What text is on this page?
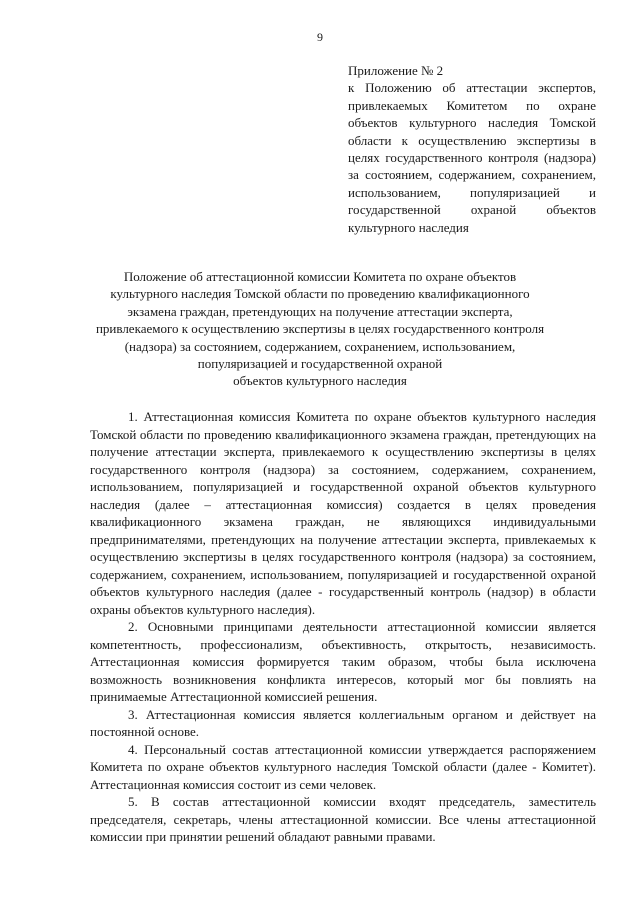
9

Приложение № 2

к Положению об аттестации экспертов, привлекаемых Комитетом по охране объектов культурного наследия Томской области к осуществлению экспертизы в целях государственного контроля (надзора) за состоянием, содержанием, сохранением, использованием, популяризацией и государственной охраной объектов культурного наследия

Положение об аттестационной комиссии Комитета по охране объектов
культурного наследия Томской области по проведению квалификационного
экзамена граждан, претендующих на получение аттестации эксперта,
привлекаемого к осуществлению экспертизы в целях государственного контроля
(надзора) за состоянием, содержанием, сохранением, использованием,
популяризацией и государственной охраной
объектов культурного наследия

1. Аттестационная комиссия Комитета по охране объектов культурного наследия Томской области по проведению квалификационного экзамена граждан, претендующих на получение аттестации эксперта, привлекаемого к осуществлению экспертизы в целях государственного контроля (надзора) за состоянием, содержанием, сохранением, использованием, популяризацией и государственной охраной объектов культурного наследия (далее – аттестационная комиссия) создается в целях проведения квалификационного экзамена граждан, не являющихся индивидуальными предпринимателями, претендующих на получение аттестации эксперта, привлекаемых к осуществлению экспертизы в целях государственного контроля (надзора) за состоянием, содержанием, сохранением, использованием, популяризацией и государственной охраной объектов культурного наследия (далее - государственный контроль (надзор) в области охраны объектов культурного наследия).

2. Основными принципами деятельности аттестационной комиссии является компетентность, профессионализм, объективность, открытость, независимость. Аттестационная комиссия формируется таким образом, чтобы была исключена возможность возникновения конфликта интересов, который мог бы повлиять на принимаемые Аттестационной комиссией решения.

3. Аттестационная комиссия является коллегиальным органом и действует на постоянной основе.

4. Персональный состав аттестационной комиссии утверждается распоряжением Комитета по охране объектов культурного наследия Томской области (далее - Комитет). Аттестационная комиссия состоит из семи человек.

5. В состав аттестационной комиссии входят председатель, заместитель председателя, секретарь, члены аттестационной комиссии. Все члены аттестационной комиссии при принятии решений обладают равными правами.
